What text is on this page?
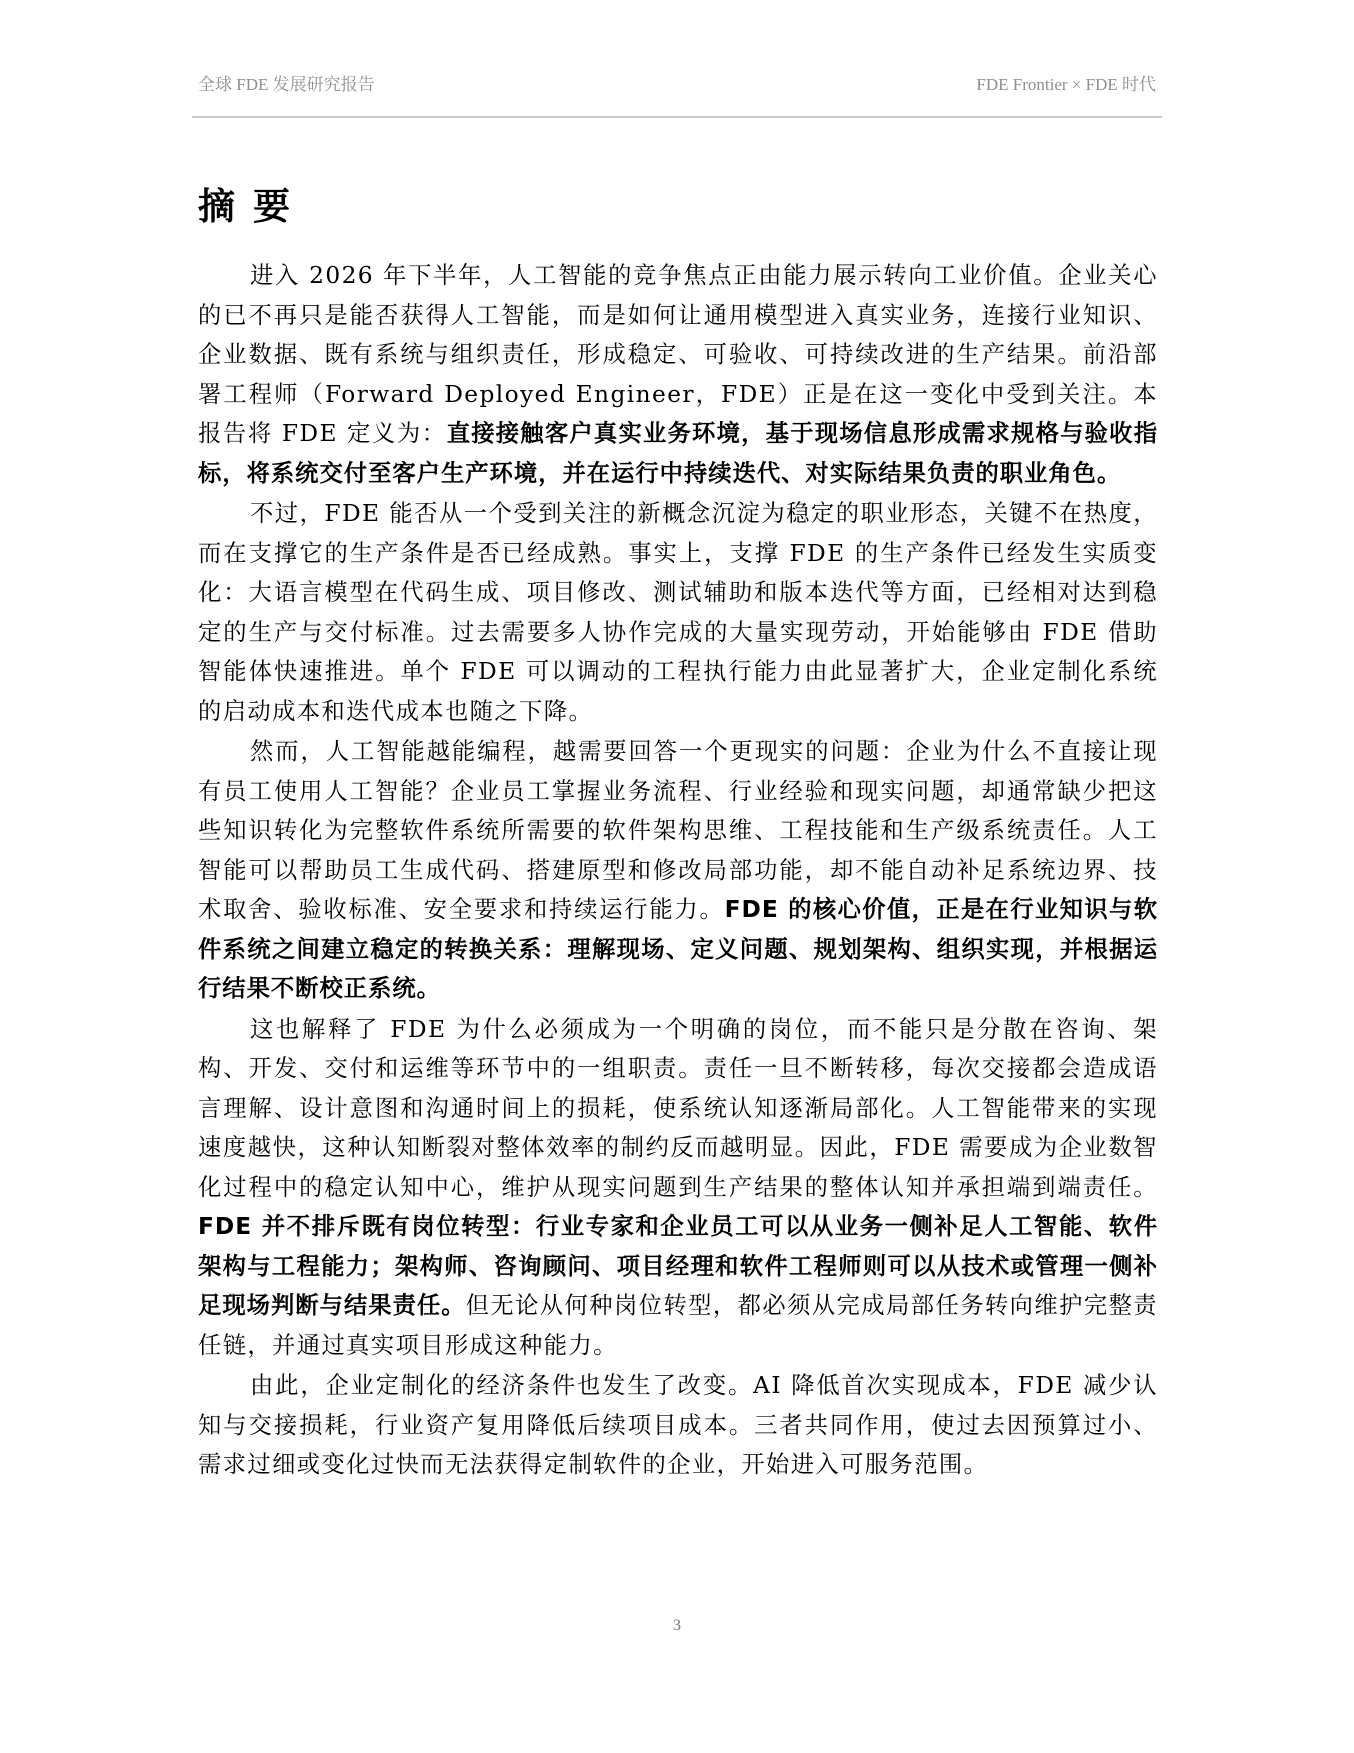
全球 FDE 发展研究报告	FDE Frontier × FDE 时代
摘要

进入 2026 年下半年，人工智能的竞争焦点正由能力展示转向工业价值。企业关心的已不再只是能否获得人工智能，而是如何让通用模型进入真实业务，连接行业知识、企业数据、既有系统与组织责任，形成稳定、可验收、可持续改进的生产结果。前沿部署工程师（Forward Deployed Engineer，FDE）正是在这一变化中受到关注。本报告将 FDE 定义为：直接接触客户真实业务环境，基于现场信息形成需求规格与验收指标，将系统交付至客户生产环境，并在运行中持续迭代、对实际结果负责的职业角色。

不过，FDE 能否从一个受到关注的新概念沉淀为稳定的职业形态，关键不在热度，而在支撑它的生产条件是否已经成熟。事实上，支撑 FDE 的生产条件已经发生实质变化：大语言模型在代码生成、项目修改、测试辅助和版本迭代等方面，已经相对达到稳定的生产与交付标准。过去需要多人协作完成的大量实现劳动，开始能够由 FDE 借助智能体快速推进。单个 FDE 可以调动的工程执行能力由此显著扩大，企业定制化系统的启动成本和迭代成本也随之下降。

然而，人工智能越能编程，越需要回答一个更现实的问题：企业为什么不直接让现有员工使用人工智能？企业员工掌握业务流程、行业经验和现实问题，却通常缺少把这些知识转化为完整软件系统所需要的软件架构思维、工程技能和生产级系统责任。人工智能可以帮助员工生成代码、搭建原型和修改局部功能，却不能自动补足系统边界、技术取舍、验收标准、安全要求和持续运行能力。FDE 的核心价值，正是在行业知识与软件系统之间建立稳定的转换关系：理解现场、定义问题、规划架构、组织实现，并根据运行结果不断校正系统。

这也解释了 FDE 为什么必须成为一个明确的岗位，而不能只是分散在咨询、架构、开发、交付和运维等环节中的一组职责。责任一旦不断转移，每次交接都会造成语言理解、设计意图和沟通时间上的损耗，使系统认知逐渐局部化。人工智能带来的实现速度越快，这种认知断裂对整体效率的制约反而越明显。因此，FDE 需要成为企业数智化过程中的稳定认知中心，维护从现实问题到生产结果的整体认知并承担端到端责任。FDE 并不排斥既有岗位转型：行业专家和企业员工可以从业务一侧补足人工智能、软件架构与工程能力；架构师、咨询顾问、项目经理和软件工程师则可以从技术或管理一侧补足现场判断与结果责任。但无论从何种岗位转型，都必须从完成局部任务转向维护完整责任链，并通过真实项目形成这种能力。

由此，企业定制化的经济条件也发生了改变。AI 降低首次实现成本，FDE 减少认知与交接损耗，行业资产复用降低后续项目成本。三者共同作用，使过去因预算过小、需求过细或变化过快而无法获得定制软件的企业，开始进入可服务范围。

3
